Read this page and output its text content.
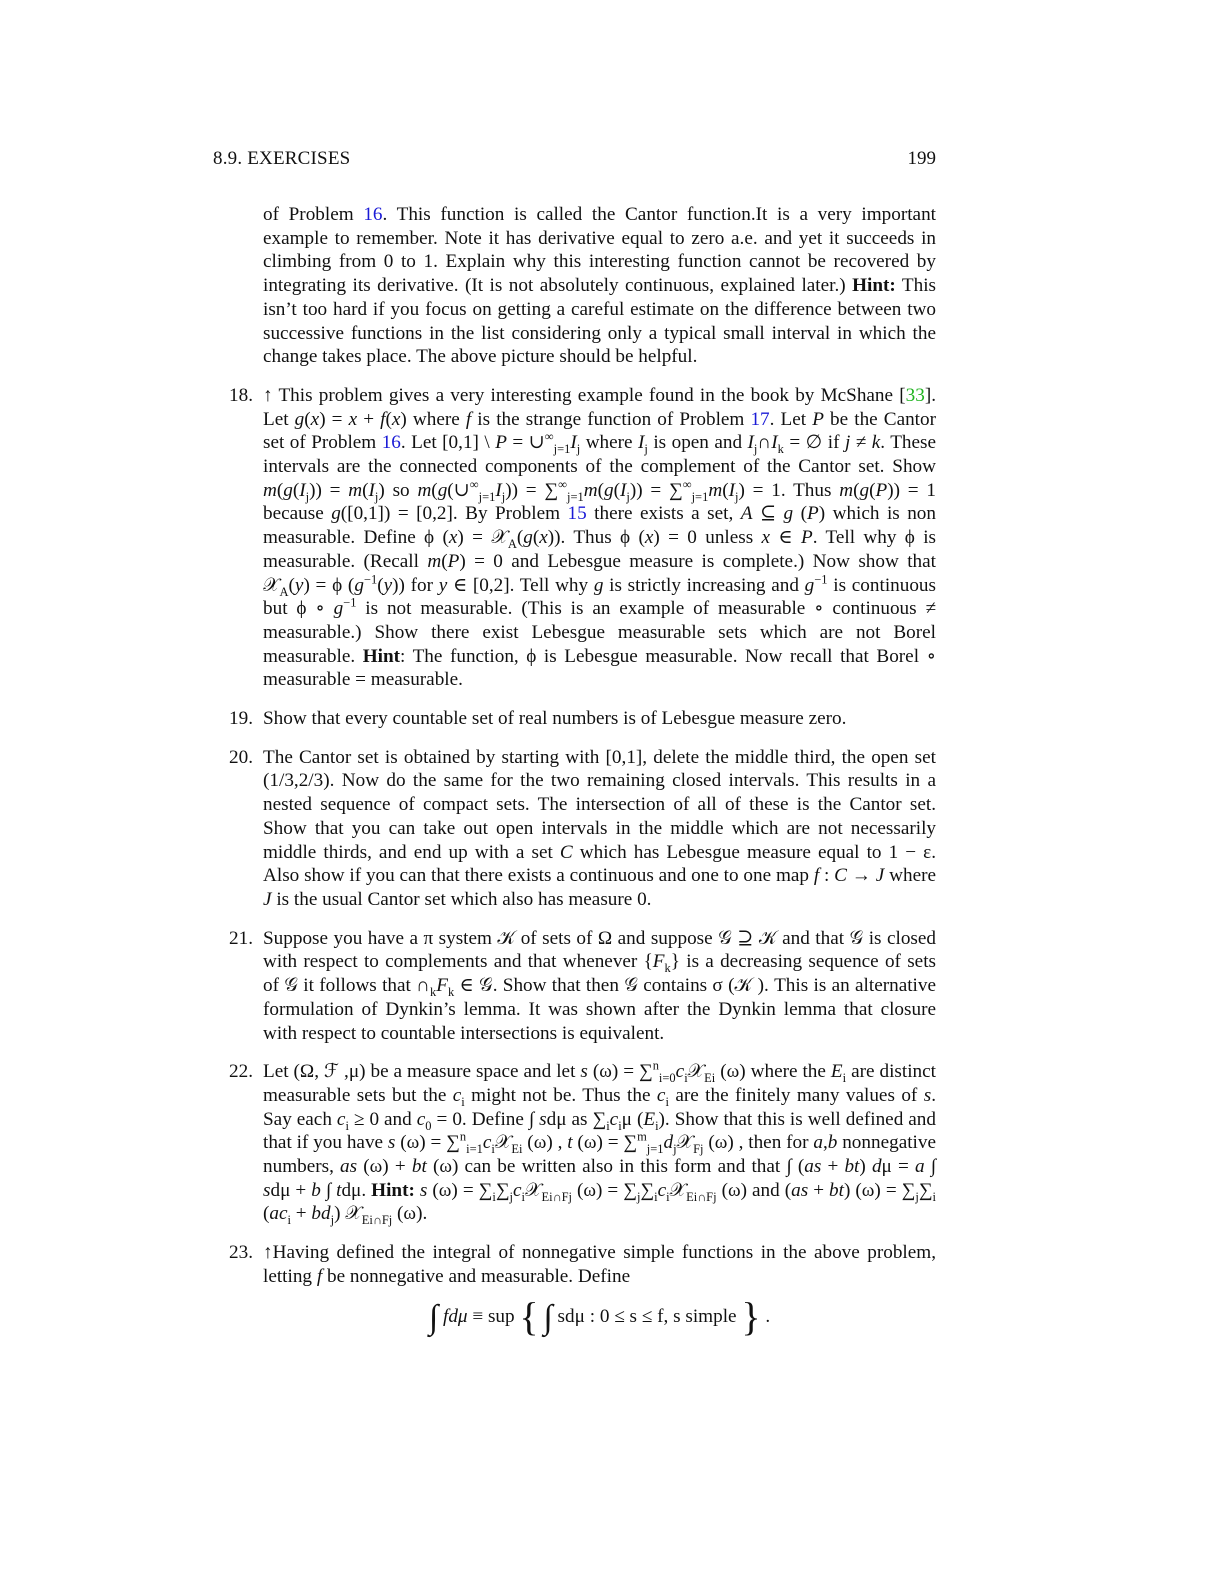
8.9. EXERCISES	199

of Problem 16. This function is called the Cantor function.It is a very important example to remember. Note it has derivative equal to zero a.e. and yet it succeeds in climbing from 0 to 1. Explain why this interesting function cannot be recovered by integrating its derivative. (It is not absolutely continuous, explained later.) Hint: This isn’t too hard if you focus on getting a careful estimate on the difference between two successive functions in the list considering only a typical small interval in which the change takes place. The above picture should be helpful.

18. ↑ This problem gives a very interesting example found in the book by McShane [33]. Let g(x) = x + f(x) where f is the strange function of Problem 17. Let P be the Cantor set of Problem 16. Let [0,1] \ $P = \cup^\infty_{j=1}I_j$ where $I_j$ is open and $I_j\cap I_k$ = ∅ if j ≠ k. These intervals are the connected components of the complement of the Cantor set. Show $m(g(I_j)) = m(I_j)$ so $m(g(\cup^\infty_{j=1}I_j)) = \sum^\infty_{j=1}m(g(I_j)) = \sum^\infty_{j=1}m(I_j) = 1$. Thus m(g(P)) = 1 because g([0,1]) = [0,2]. By Problem 15 there exists a set, A ⊆ g (P) which is non measurable. Define ϕ (x) = 𝒳$_A$(g(x)). Thus ϕ (x) = 0 unless x ∈ P. Tell why ϕ is measurable. (Recall m(P) = 0 and Lebesgue measure is complete.) Now show that 𝒳$_A$(y) = ϕ $(g^{-1}(y))$ for y ∈ [0,2]. Tell why g is strictly increasing and $g^{-1}$ is continuous but ϕ ∘ $g^{-1}$ is not measurable. (This is an example of measurable ∘ continuous ≠ measurable.) Show there exist Lebesgue measurable sets which are not Borel measurable. Hint: The function, ϕ is Lebesgue measurable. Now recall that Borel ∘ measurable = measurable.
19. Show that every countable set of real numbers is of Lebesgue measure zero.
20. The Cantor set is obtained by starting with [0,1], delete the middle third, the open set (1/3,2/3). Now do the same for the two remaining closed intervals. This results in a nested sequence of compact sets. The intersection of all of these is the Cantor set. Show that you can take out open intervals in the middle which are not necessarily middle thirds, and end up with a set C which has Lebesgue measure equal to 1 − ε. Also show if you can that there exists a continuous and one to one map f : C → J where J is the usual Cantor set which also has measure 0.
21. Suppose you have a π system 𝒦 of sets of Ω and suppose 𝒢 ⊇ 𝒦 and that 𝒢 is closed with respect to complements and that whenever $\{F_k\}$ is a decreasing sequence of sets of 𝒢 it follows that $\cap_kF_k$ ∈ 𝒢. Show that then 𝒢 contains σ (𝒦 ). This is an alternative formulation of Dynkin’s lemma. It was shown after the Dynkin lemma that closure with respect to countable intersections is equivalent.
22. Let (Ω, ℱ ,μ) be a measure space and let s $(\omega) = \sum^n_{i=0}c_i𝒳_{Ei}$ (ω) where the $E_i$ are distinct measurable sets but the $c_i$ might not be. Thus the $c_i$ are the finitely many values of s. Say each $c_i \ge 0$ and $c_0 = 0$. Define ∫ sdμ as $\sum_ic_i\mu$ $(E_i)$. Show that this is well defined and that if you have s $(\omega) = \sum^n_{i=1}c_i𝒳_{Ei}$ (ω) , t $(\omega) = \sum^m_{j=1}d_j𝒳_{Fj}$ (ω) , then for a,b nonnegative numbers, as (ω) + bt (ω) can be written also in this form and that ∫ (as + bt) dμ = a ∫ sdμ + b ∫ tdμ. Hint: s $(\omega) = \sum_i\sum_jc_i𝒳_{Ei\cap Fj}$ $(\omega) = \sum_j\sum_ic_i𝒳_{Ei\cap Fj}$ (ω) and (as + bt) $(\omega) = \sum_j\sum_i$ $(ac_i + bd_j)$ 𝒳$_{Ei\cap Fj}$ (ω).
23. ↑Having defined the integral of nonnegative simple functions in the above problem, letting f be nonnegative and measurable. Define
∫ fdμ ≡ sup { ∫ sdμ : 0 ≤ s ≤ f, s simple } .
